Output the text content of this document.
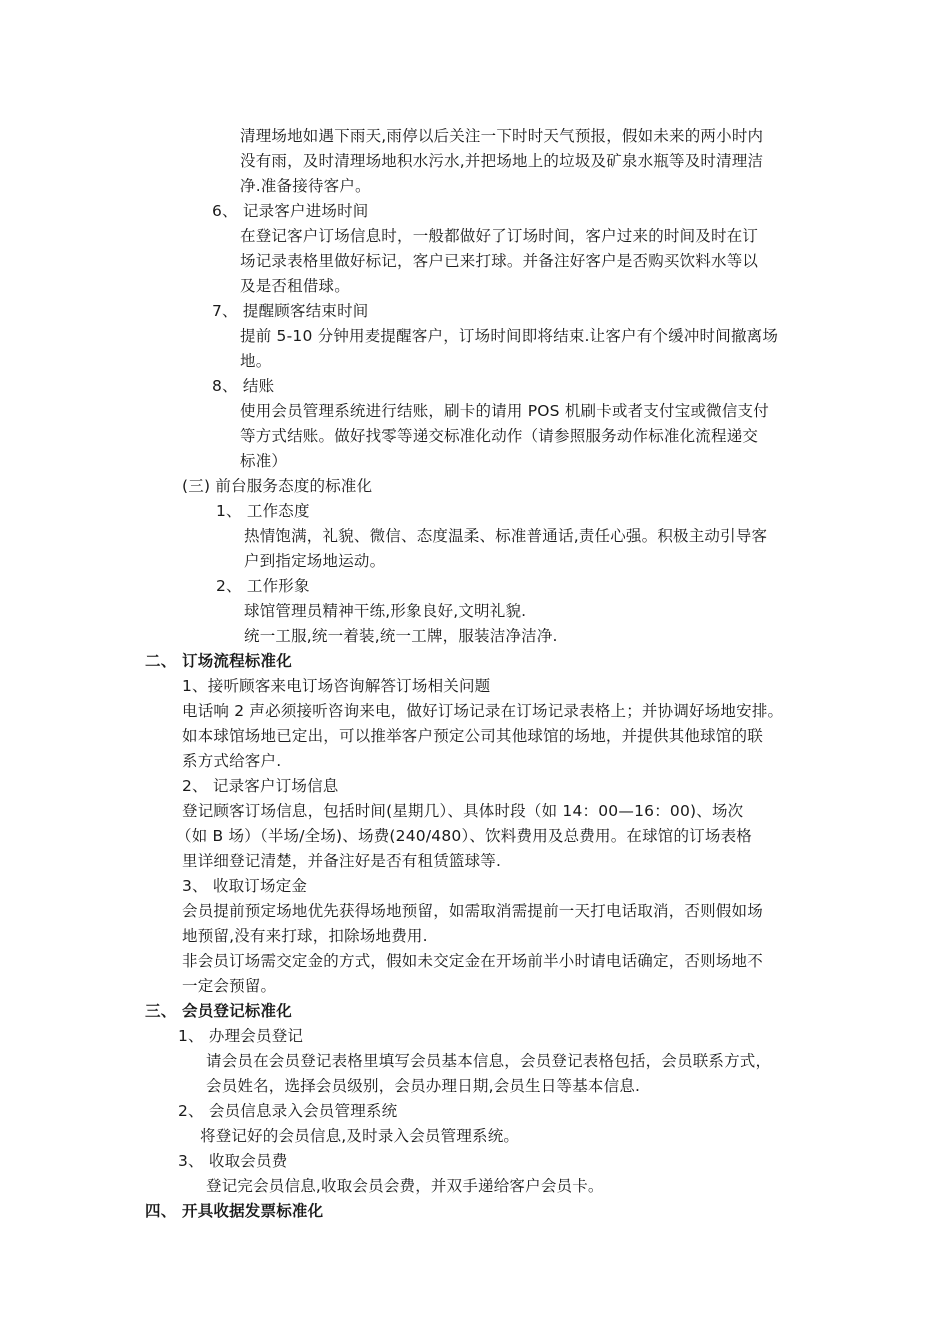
清理场地如遇下雨天,雨停以后关注一下时时天气预报，假如未来的两小时内
没有雨，及时清理场地积水污水,并把场地上的垃圾及矿泉水瓶等及时清理洁
净.准备接待客户。
6、 记录客户进场时间
在登记客户订场信息时，一般都做好了订场时间，客户过来的时间及时在订
场记录表格里做好标记，客户已来打球。并备注好客户是否购买饮料水等以
及是否租借球。
7、 提醒顾客结束时间
提前 5-10 分钟用麦提醒客户，订场时间即将结束.让客户有个缓冲时间撤离场
地。
8、 结账
使用会员管理系统进行结账，刷卡的请用 POS 机刷卡或者支付宝或微信支付
等方式结账。做好找零等递交标准化动作（请参照服务动作标准化流程递交
标准）
(三) 前台服务态度的标准化
1、 工作态度
热情饱满，礼貌、微信、态度温柔、标准普通话,责任心强。积极主动引导客
户到指定场地运动。
2、 工作形象
球馆管理员精神干练,形象良好,文明礼貌.
统一工服,统一着装,统一工牌，服装洁净洁净.
二、 订场流程标准化
1、接听顾客来电订场咨询解答订场相关问题
电话响 2 声必须接听咨询来电，做好订场记录在订场记录表格上；并协调好场地安排。
如本球馆场地已定出，可以推举客户预定公司其他球馆的场地，并提供其他球馆的联
系方式给客户.
2、 记录客户订场信息
登记顾客订场信息，包括时间(星期几）、具体时段（如 14：00—16：00)、场次
（如 B 场）（半场/全场)、场费(240/480）、饮料费用及总费用。在球馆的订场表格
里详细登记清楚，并备注好是否有租赁篮球等.
3、 收取订场定金
会员提前预定场地优先获得场地预留，如需取消需提前一天打电话取消，否则假如场
地预留,没有来打球，扣除场地费用.
非会员订场需交定金的方式，假如未交定金在开场前半小时请电话确定，否则场地不
一定会预留。
三、 会员登记标准化
1、 办理会员登记
请会员在会员登记表格里填写会员基本信息，会员登记表格包括，会员联系方式，
会员姓名，选择会员级别，会员办理日期,会员生日等基本信息.
2、 会员信息录入会员管理系统
将登记好的会员信息,及时录入会员管理系统。
3、 收取会员费
登记完会员信息,收取会员会费，并双手递给客户会员卡。
四、 开具收据发票标准化
